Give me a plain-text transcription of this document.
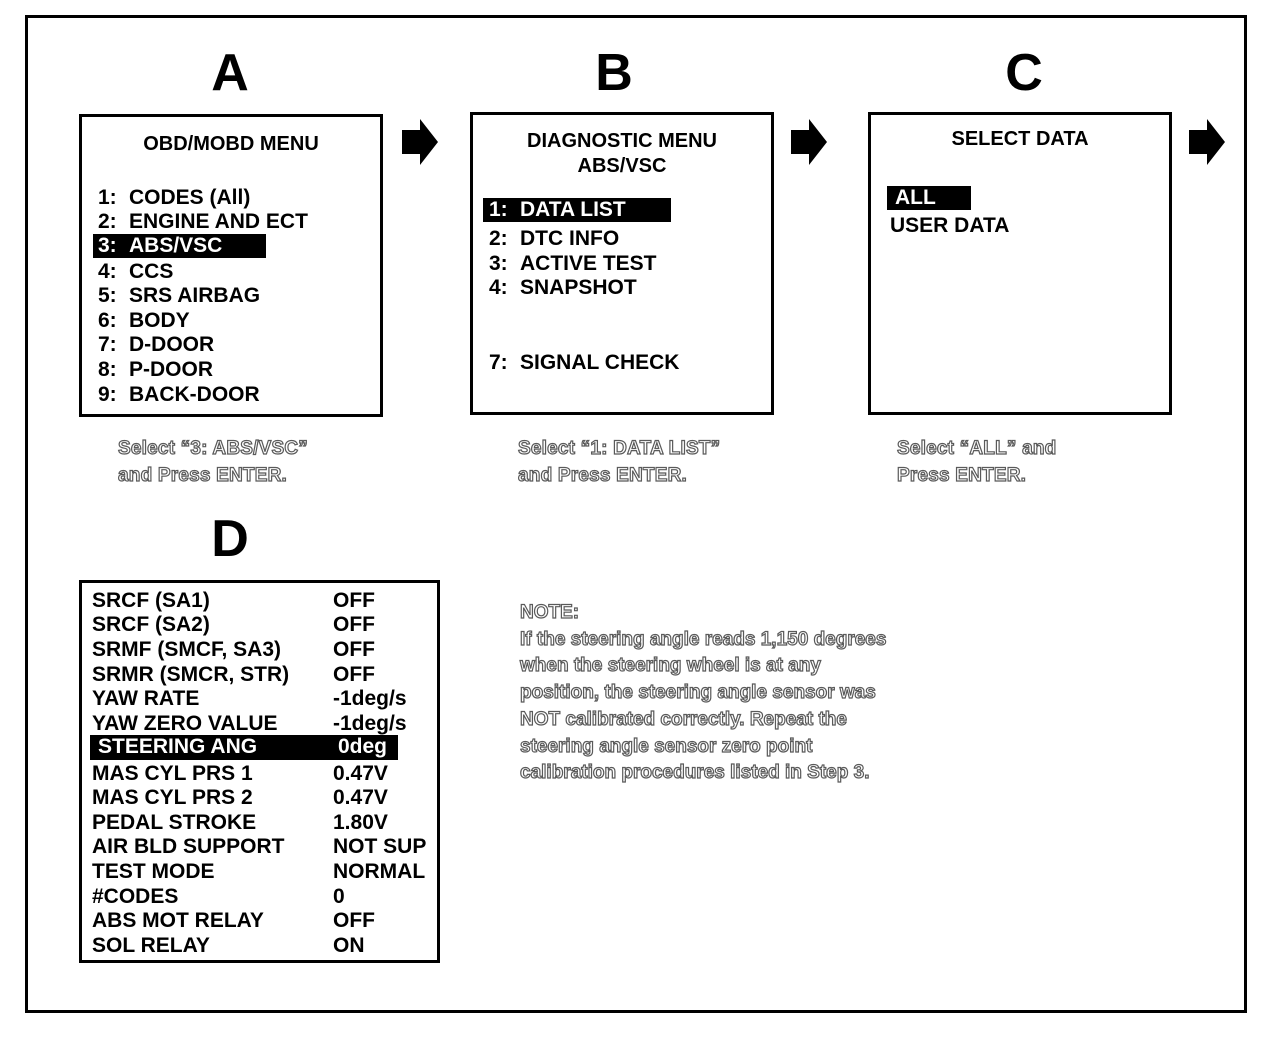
A	B	C
D
OBD/MOBD MENU
1: CODES (All)
2: ENGINE AND ECT
3: ABS/VSC
4: CCS
5: SRS AIRBAG
6: BODY
7: D-DOOR
8: P-DOOR
9: BACK-DOOR
DIAGNOSTIC MENU
ABS/VSC
1: DATA LIST
2: DTC INFO
3: ACTIVE TEST
4: SNAPSHOT
7: SIGNAL CHECK
SELECT DATA
ALL
USER DATA
Select “3: ABS/VSC”
and Press ENTER.
Select “1: DATA LIST”
and Press ENTER.
Select “ALL” and
Press ENTER.
SRCF (SA1)	OFF
SRCF (SA2)	OFF
SRMF (SMCF, SA3) OFF
SRMR (SMCR, STR) OFF
YAW RATE	-1deg/s
YAW ZERO VALUE	-1deg/s
STEERING ANG	0deg
MAS CYL PRS 1	0.47V
MAS CYL PRS 2	0.47V
PEDAL STROKE	1.80V
AIR BLD SUPPORT NOT SUP
TEST MODE	NORMAL
#CODES	0
ABS MOT RELAY	OFF
SOL RELAY	ON
NOTE:
If the steering angle reads 1,150 degrees
when the steering wheel is at any
position, the steering angle sensor was
NOT calibrated correctly. Repeat the
steering angle sensor zero point
calibration procedures listed in Step 3.
